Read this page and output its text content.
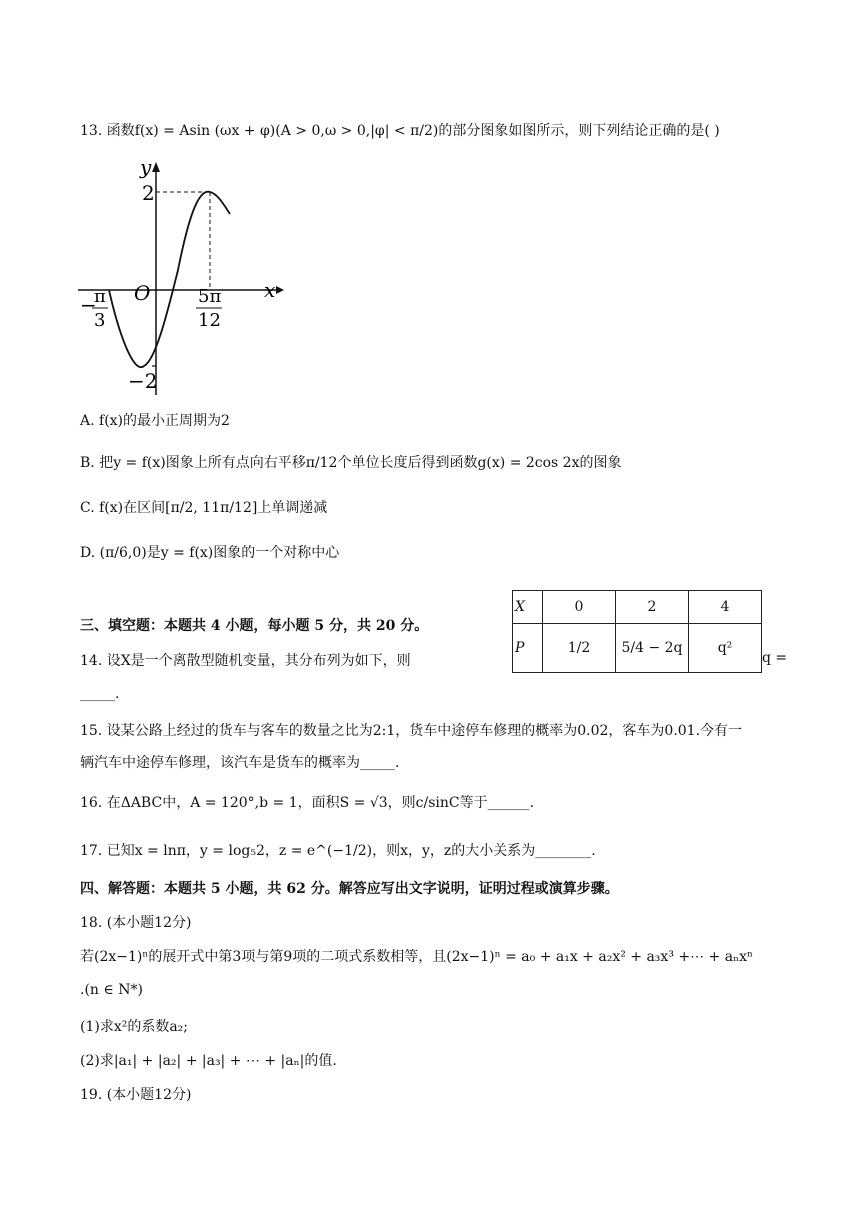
13. 函数f(x) = Asin (ωx + φ)(A > 0,ω > 0,|φ| < π/2)的部分图象如图所示，则下列结论正确的是( )
y
x
O
2
−2
−
π
3
5π
12
A. f(x)的最小正周期为2
B. 把y = f(x)图象上所有点向右平移π/12个单位长度后得到函数g(x) = 2cos 2x的图象
C. f(x)在区间[π/2, 11π/12]上单调递减
D. (π/6,0)是y = f(x)图象的一个对称中心
三、填空题：本题共 4 小题，每小题 5 分，共 20 分。
14. 设X是一个离散型随机变量，其分布列为如下，则
X	0	2	4
P	1/2	5/4 − 2q	q²
q =
_____.
15. 设某公路上经过的货车与客车的数量之比为2:1，货车中途停车修理的概率为0.02，客车为0.01.今有一
辆汽车中途停车修理，该汽车是货车的概率为_____.
16. 在ΔABC中，A = 120°,b = 1，面积S = √3，则c/sinC等于______.
17. 已知x = lnπ，y = log₅2，z = e^(−1/2)，则x，y，z的大小关系为________.
四、解答题：本题共 5 小题，共 62 分。解答应写出文字说明，证明过程或演算步骤。
18. (本小题12分)
若(2x−1)ⁿ的展开式中第3项与第9项的二项式系数相等，且(2x−1)ⁿ = a₀ + a₁x + a₂x² + a₃x³ +⋯ + aₙxⁿ
.(n ∈ N*)
(1)求x²的系数a₂;
(2)求|a₁| + |a₂| + |a₃| + ⋯ + |aₙ|的值.
19. (本小题12分)
